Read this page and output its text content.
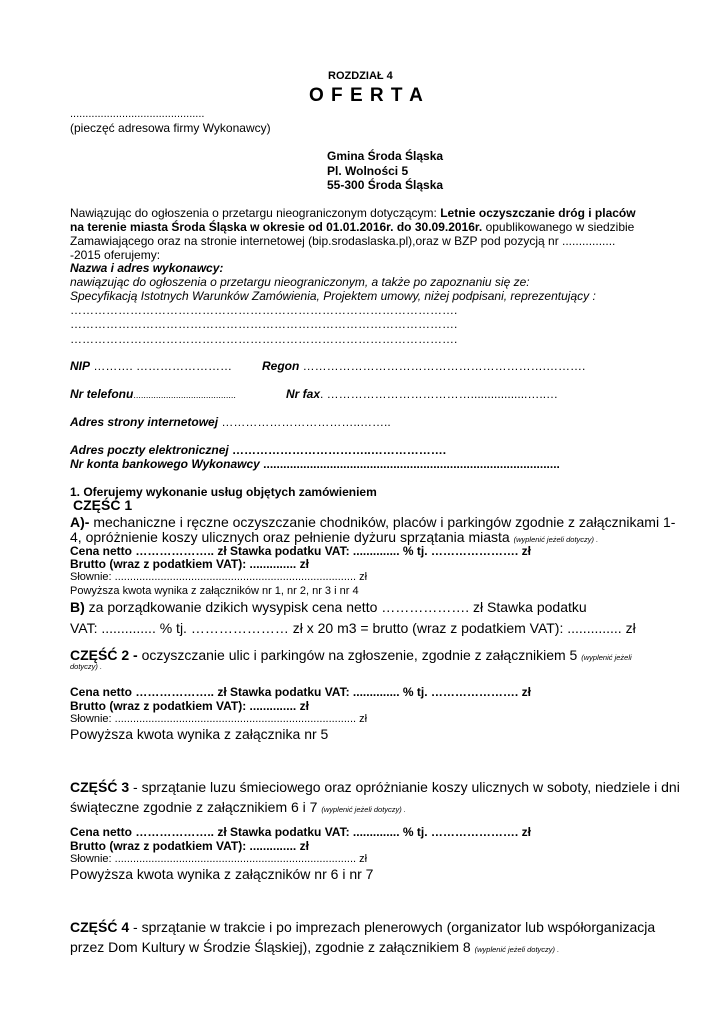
ROZDZIAŁ 4
O F E R T A
............................................
(pieczęć adresowa firmy Wykonawcy)
Gmina Środa Śląska
Pl. Wolności 5
55-300 Środa Śląska
Nawiązując do ogłoszenia o przetargu nieograniczonym dotyczącym: Letnie oczyszczanie dróg i placów
na terenie miasta Środa Śląska w okresie od 01.01.2016r. do 30.09.2016r. opublikowanego w siedzibie
Zamawiającego oraz na stronie internetowej (bip.srodaslaska.pl),oraz w BZP pod pozycją nr ................
-2015 oferujemy:
Nazwa i adres wykonawcy:
nawiązując do ogłoszenia o przetargu nieograniczonym, a także po zapoznaniu się ze:
Specyfikacją Istotnych Warunków Zamówienia, Projektem umowy, niżej podpisani, reprezentujący :
…………………………………………………………………………………….
…………………………………………………………………………………….
…………………………………………………………………………………….
NIP ………. …………………… Regon …………………………………………………….……….
Nr telefonu.........................................	Nr fax. ……………………………….................…..…
Adres strony internetowej ……………………………..……..
Adres poczty elektronicznej ……………………………..……………….
Nr konta bankowego Wykonawcy .........................................................................................
1. Oferujemy wykonanie usług objętych zamówieniem
CZĘŚĆ 1
A)- mechaniczne i ręczne oczyszczanie chodników, placów i parkingów zgodnie z załącznikami 1-
4, opróżnienie koszy ulicznych oraz pełnienie dyżuru sprzątania miasta (wyplenić jeżeli dotyczy) .
Cena netto ……………….. zł Stawka podatku VAT: .............. % tj. …………………. zł
Brutto (wraz z podatkiem VAT): .............. zł
Słownie: ............................................................................... zł
Powyższa kwota wynika z załączników nr 1, nr 2, nr 3 i nr 4
B) za porządkowanie dzikich wysypisk cena netto ………………. zł Stawka podatku
VAT: .............. % tj. ………………… zł x 20 m3 = brutto (wraz z podatkiem VAT): .............. zł
CZĘŚĆ 2 - oczyszczanie ulic i parkingów na zgłoszenie, zgodnie z załącznikiem 5 (wyplenić jeżeli
dotyczy) .
Cena netto ……………….. zł Stawka podatku VAT: .............. % tj. …………………. zł
Brutto (wraz z podatkiem VAT): .............. zł
Słownie: ............................................................................... zł
Powyższa kwota wynika z załącznika nr 5
CZĘŚĆ 3 - sprzątanie luzu śmieciowego oraz opróżnianie koszy ulicznych w soboty, niedziele i dni
świąteczne zgodnie z załącznikiem 6 i 7 (wyplenić jeżeli dotyczy) .
Cena netto ……………….. zł Stawka podatku VAT: .............. % tj. …………………. zł
Brutto (wraz z podatkiem VAT): .............. zł
Słownie: ............................................................................... zł
Powyższa kwota wynika z załączników nr 6 i nr 7
CZĘŚĆ 4 - sprzątanie w trakcie i po imprezach plenerowych (organizator lub współorganizacja
przez Dom Kultury w Środzie Śląskiej), zgodnie z załącznikiem 8 (wyplenić jeżeli dotyczy) .
